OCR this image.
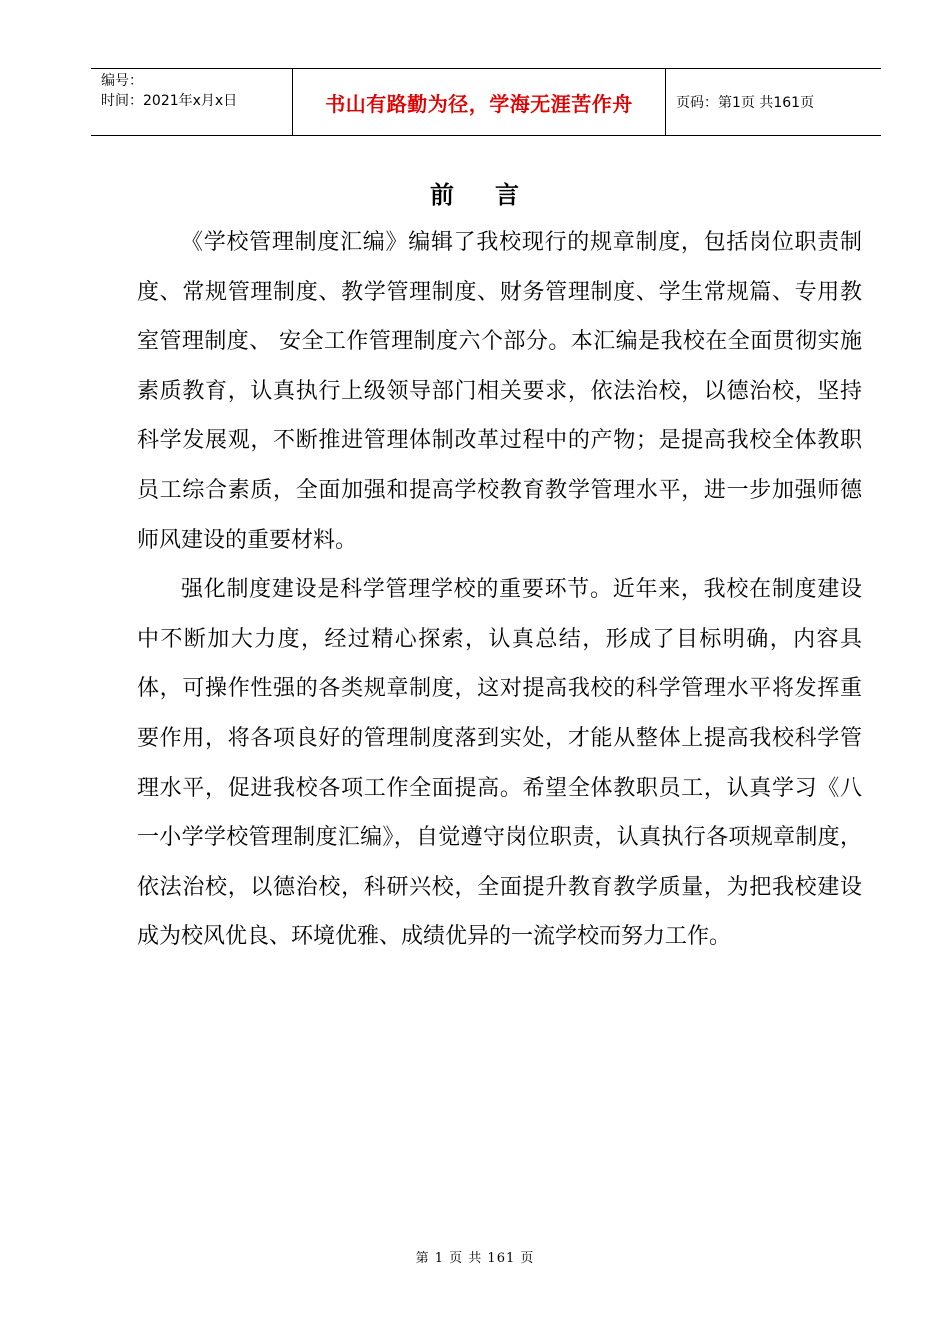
编号：
时间：2021年x月x日	书山有路勤为径，学海无涯苦作舟	页码：第1页 共161页
前 言

《学校管理制度汇编》编辑了我校现行的规章制度，包括岗位职责制度、常规管理制度、教学管理制度、财务管理制度、学生常规篇、专用教室管理制度、 安全工作管理制度六个部分。本汇编是我校在全面贯彻实施素质教育，认真执行上级领导部门相关要求，依法治校，以德治校，坚持科学发展观，不断推进管理体制改革过程中的产物；是提高我校全体教职员工综合素质，全面加强和提高学校教育教学管理水平，进一步加强师德师风建设的重要材料。

强化制度建设是科学管理学校的重要环节。近年来，我校在制度建设中不断加大力度，经过精心探索，认真总结，形成了目标明确，内容具体，可操作性强的各类规章制度，这对提高我校的科学管理水平将发挥重要作用，将各项良好的管理制度落到实处，才能从整体上提高我校科学管理水平，促进我校各项工作全面提高。希望全体教职员工，认真学习《八一小学学校管理制度汇编》，自觉遵守岗位职责，认真执行各项规章制度，依法治校，以德治校，科研兴校，全面提升教育教学质量，为把我校建设成为校风优良、环境优雅、成绩优异的一流学校而努力工作。

第 1 页 共 161 页
